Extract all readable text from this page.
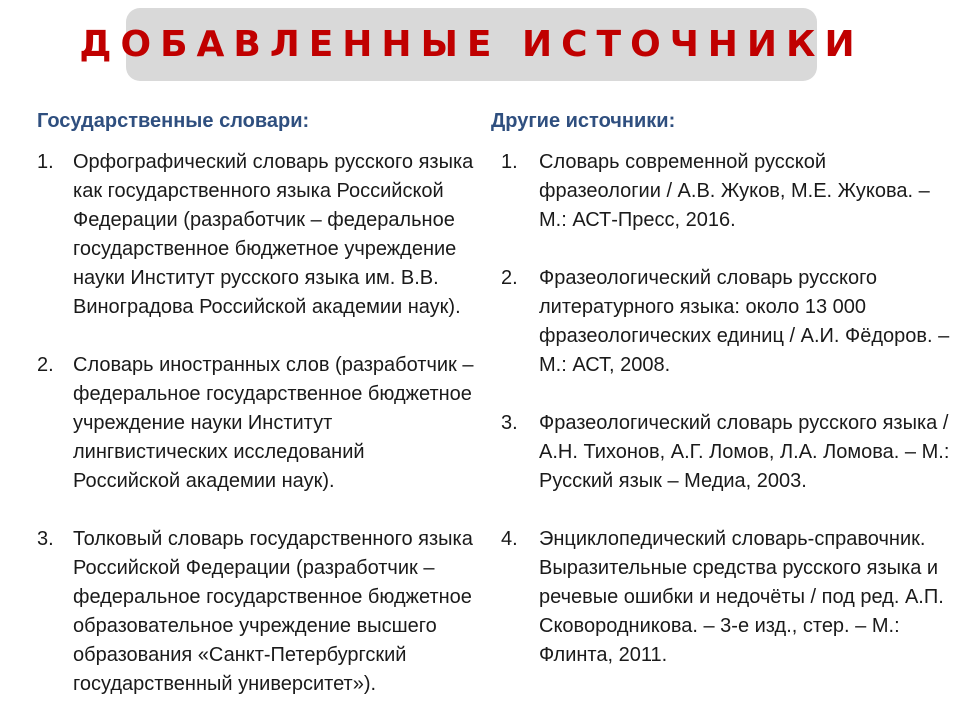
ДОБАВЛЕННЫЕ ИСТОЧНИКИ
Государственные словари:
1. Орфографический словарь русского языка как государственного языка Российской Федерации (разработчик – федеральное государственное бюджетное учреждение науки Институт русского языка им. В.В. Виноградова Российской академии наук).
2. Словарь иностранных слов (разработчик – федеральное государственное бюджетное учреждение науки Институт лингвистических исследований Российской академии наук).
3. Толковый словарь государственного языка Российской Федерации (разработчик – федеральное государственное бюджетное образовательное учреждение высшего образования «Санкт-Петербургский государственный университет»).
Другие источники:
1.	Словарь современной русской фразеологии / А.В. Жуков, М.Е. Жукова. – М.: АСТ-Пресс, 2016.
2.	Фразеологический словарь русского литературного языка: около 13 000 фразеологических единиц / А.И. Фёдоров. – М.: АСТ, 2008.
3.	Фразеологический словарь русского языка / А.Н. Тихонов, А.Г. Ломов, Л.А. Ломова. – М.: Русский язык – Медиа, 2003.
4.	Энциклопедический словарь-справочник. Выразительные средства русского языка и речевые ошибки и недочёты / под ред. А.П. Сковородникова. – 3-е изд., стер. – М.: Флинта, 2011.
